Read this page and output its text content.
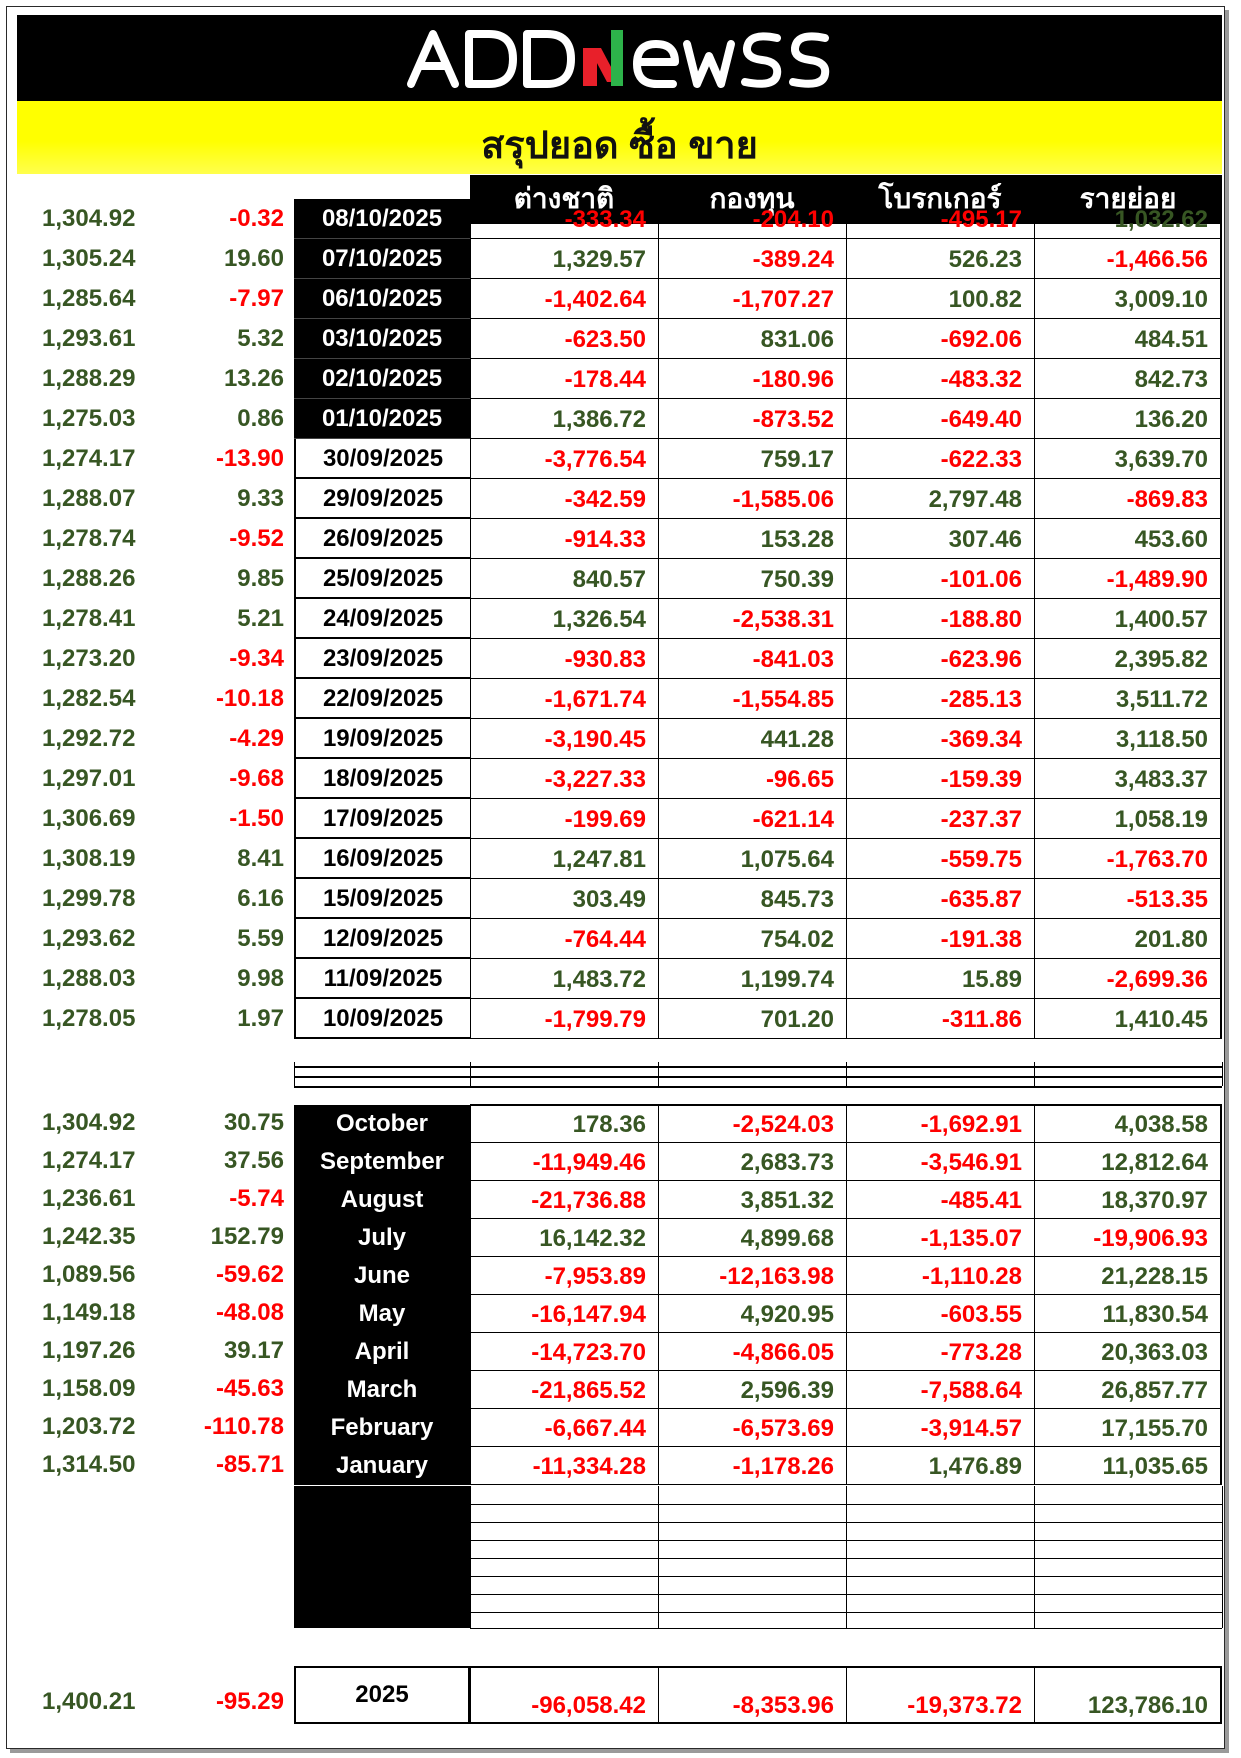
สรุปยอด ซื้อ ขาย
ต่างชาติ	กองทุน	โบรกเกอร์	รายย่อย
1,304.92	-0.32	08/10/2025	-333.34	-204.10	-495.17	1,032.62
1,305.24	19.60	07/10/2025	1,329.57	-389.24	526.23	-1,466.56
1,285.64	-7.97	06/10/2025	-1,402.64	-1,707.27	100.82	3,009.10
1,293.61	5.32	03/10/2025	-623.50	831.06	-692.06	484.51
1,288.29	13.26	02/10/2025	-178.44	-180.96	-483.32	842.73
1,275.03	0.86	01/10/2025	1,386.72	-873.52	-649.40	136.20
1,274.17	-13.90	30/09/2025	-3,776.54	759.17	-622.33	3,639.70
1,288.07	9.33	29/09/2025	-342.59	-1,585.06	2,797.48	-869.83
1,278.74	-9.52	26/09/2025	-914.33	153.28	307.46	453.60
1,288.26	9.85	25/09/2025	840.57	750.39	-101.06	-1,489.90
1,278.41	5.21	24/09/2025	1,326.54	-2,538.31	-188.80	1,400.57
1,273.20	-9.34	23/09/2025	-930.83	-841.03	-623.96	2,395.82
1,282.54	-10.18	22/09/2025	-1,671.74	-1,554.85	-285.13	3,511.72
1,292.72	-4.29	19/09/2025	-3,190.45	441.28	-369.34	3,118.50
1,297.01	-9.68	18/09/2025	-3,227.33	-96.65	-159.39	3,483.37
1,306.69	-1.50	17/09/2025	-199.69	-621.14	-237.37	1,058.19
1,308.19	8.41	16/09/2025	1,247.81	1,075.64	-559.75	-1,763.70
1,299.78	6.16	15/09/2025	303.49	845.73	-635.87	-513.35
1,293.62	5.59	12/09/2025	-764.44	754.02	-191.38	201.80
1,288.03	9.98	11/09/2025	1,483.72	1,199.74	15.89	-2,699.36
1,278.05	1.97	10/09/2025	-1,799.79	701.20	-311.86	1,410.45
1,304.92	30.75	October	178.36	-2,524.03	-1,692.91	4,038.58
1,274.17	37.56	September	-11,949.46	2,683.73	-3,546.91	12,812.64
1,236.61	-5.74	August	-21,736.88	3,851.32	-485.41	18,370.97
1,242.35	152.79	July	16,142.32	4,899.68	-1,135.07	-19,906.93
1,089.56	-59.62	June	-7,953.89	-12,163.98	-1,110.28	21,228.15
1,149.18	-48.08	May	-16,147.94	4,920.95	-603.55	11,830.54
1,197.26	39.17	April	-14,723.70	-4,866.05	-773.28	20,363.03
1,158.09	-45.63	March	-21,865.52	2,596.39	-7,588.64	26,857.77
1,203.72	-110.78	February	-6,667.44	-6,573.69	-3,914.57	17,155.70
1,314.50	-85.71	January	-11,334.28	-1,178.26	1,476.89	11,035.65
1,400.21	-95.29	2025	-96,058.42	-8,353.96	-19,373.72	123,786.10
